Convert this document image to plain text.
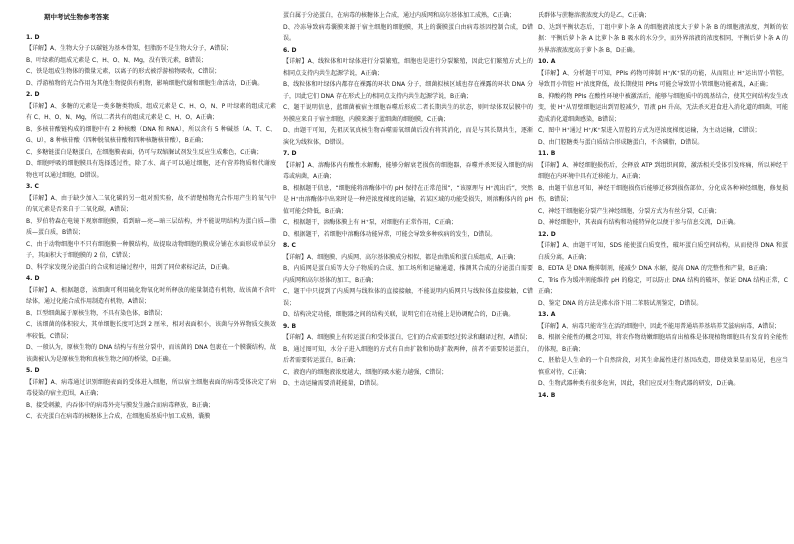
期中考试生物参考答案

1. D

【详解】A、生物大分子以碳链为基本骨架，但脂肪不是生物大分子，A错误；

B、叶绿素的组成元素是 C、H、O、N、Mg，没有铁元素，B错误；

C、铁是组成生物体的微量元素，以离子的形式被浮游植物吸收，C错误；

D、浮游植物的光合作用为其他生物提供有机物，影响细胞代谢和细胞生命活动，D正确。

2. D

【详解】A、多糖的元素是一类多糖类物质，组成元素是 C、H、O，N、P 叶绿素的组成元素有 C、H、O、N、Mg，所以二者共有的组成元素是 C、H、O，A正确；

B、多核苷酸链构成的细胞中有 2 种核酸（DNA 和 RNA），所以含有 5 种碱基（A、T、C、G、U），8 种核苷酸（四种脱氧核苷酸和四种核糖核苷酸），B正确；

C、多糖链蛋白是糖蛋白，在细胞膜表面，仍可与双缩脲试剂发生反应生成紫色，C正确；

D、细胞呼吸的细胞膜具有选择透过性，除了水、离子可以通过细胞，还有营养物质和代谢废物也可以通过细胞，D错误。

3. C

【详解】A、由于缺少加入二氧化碳的另一组对照实验，故不清楚植物光合作用产生的氧气中的氧元素是否来自于二氧化碳，A错误；

B、罗伯特森在电镜下观察细胞膜，看到暗—亮—暗三层结构，并不能说明结构为蛋白质—脂质—蛋白质，B错误；

C、由于动物细胞中不只有细胞膜一种膜结构，故提取动物细胞的膜成分铺在水面形成单层分子，其面积大于细胞膜的 2 倍，C错误；

D、科学家发现分泌蛋白的合成和运输过程中，用到了同位素标记法，D正确。

4. D

【详解】A、根据题意，该细菌可利用硫化物氧化时所释放的能量制造有机物，故该菌不含叶绿体，通过化能合成作用制造有机物，A错误；

B、巨型细菌属于原核生物，不具有染色体，B错误；

C、该细菌的体积较大，其单细胞长度可达到 2 厘米，相对表面积小，该菌与外界物质交换效率较低，C错误；

D、一般认为，原核生物的 DNA 结构与有丝分裂中，而该菌的 DNA 包裹在一个膜囊结构，故该菌被认为是原核生物和真核生物之间的桥梁，D正确。

5. D

【详解】A、病毒通过识别细胞表面的受体进入细胞，所以宿主细胞表面的病毒受体决定了病毒侵染的宿主范围，A正确；

B、接受刺激，内吞体中的病毒外壳与膜发生融合而病毒释放，B正确；

C、衣壳蛋白在病毒的核糖体上合成，在细胞质基质中加工成熟，囊膜

蛋白属于分泌蛋白，在病毒的核糖体上合成，通过内质网和高尔基体加工成熟，C正确；

D、冷冻导致病毒囊膜来源于宿主细胞的细胞膜，其上的囊膜蛋白由病毒基因控制合成，D错误。

6. D

【详解】A、线粒体和叶绿体进行分裂繁殖，细胞也是进行分裂繁殖，因此它们繁殖方式上的相同点支持内共生起源学说，A正确；

B、线粒体和叶绿体内都存在裸露的环状 DNA 分子，细菌拟核区域也存在裸露的环状 DNA 分子，因此它们 DNA 存在形式上的相同点支持内共生起源学说，B正确；

C、题干说明信息，蓝细菌被宿主细胞吞噬后形成二者长期共生的状态，则叶绿体双层膜中的外膜应来自于宿主细胞，内膜来源于蓝细菌的细胞膜，C正确；

D、由题干可知，先祖厌氧真核生物吞噬需氧细菌后没有将其消化，而是与其长期共生，逐渐演化为线粒体，D错误。

7. D

【详解】A、溶酶体内有酸性水解酶，能够分解衰老损伤的细胞器，吞噬并杀死侵入细胞的病毒或病菌，A正确；

B、根据题干信息，“细胞能将溶酶体中的 pH 保持在正常范围”，“该原理与 H⁺流出后”，突然是 H⁺由溶酶体中出来时是一种逆浓度梯度的运输，若某区域的功能受损失，则溶酶体内的 pH 值可能会降低，B正确；

C、根据题干，溶酶体膜上有 H⁺泵，对细胞有正常作用，C正确；

D、根据题干，若细胞中溶酶体功能异常，可能会导致多种疾病的发生，D错误。

8. C

【详解】A、细胞膜、内质网、高尔基体膜成分相似，都是由脂质和蛋白质组成，A正确；

B、内质网是蛋白质等大分子物质的合成、加工场所和运输通道，推测其合成的分泌蛋白需要内质网和高尔基体的加工，B正确；

C、题干中只提到了内质网与线粒体的直接接触，不能说明内质网只与线粒体直接接触，C错误；

D、结构决定功能，细胞器之间的结构关联，说明它们在功能上是协调配合的，D正确。

9. B

【详解】A、细胞膜上有转运蛋白和受体蛋白，它们的合成需要经过转录和翻译过程，A错误；

B、通过图可知，水分子进入细胞的方式有自由扩散和协助扩散两种，前者不需要转运蛋白，后者需要转运蛋白，B正确；

C、液泡内的细胞液浓度越大，细胞的吸水能力越强，C错误；

D、主动运输需要消耗能量，D错误。

氏群体与蔗糖溶液浓度大的是乙，C正确；

D、达到平衡状态后，丁组中萝卜条 A 的细胞液浓度大于萝卜条 B 的细胞液浓度，判断的依据：平衡后萝卜条 A 比萝卜条 B 吸水的水分少，而外界溶液的浓度相同，平衡后萝卜条 A 的外界溶液浓度高于萝卜条 B，D正确。

10. A

【详解】A、分析题干可知，PPIs 药物可抑制 H⁺/K⁺泵的功能，从而阻止 H⁺运出胃小管腔，导致胃小管腔 H⁺浓度降低，故长期使用 PPIs 可能会导致胃小管细胞功能紊乱，A正确；

B、抑酸药物 PPIs 在酸性环境中被激活后，能够与细胞质中的巯基结合，使其空间结构发生改变，使 H⁺从胃壁细胞运出到胃腔减少，胃液 pH 升高，无法杀灭进食进入消化道的细菌，可能造成消化道细菌感染，B错误；

C、图中 H⁺通过 H⁺/K⁺泵进入胃腔的方式为逆浓度梯度运输，为主动运输，C错误；

D、由门腔糖类与蛋白质结合形成糖蛋白，不含磷脂，D错误。

11. B

【详解】A、神经细胞损伤后，会释放 ATP 到组织间隙，激活相关受体引发疼痛，所以神经干细胞在内环境中具有迁移能力，A正确；

B、由题干信息可知，神经干细胞损伤后能够迁移到损伤部位，分化成各种神经细胞，修复损伤，B错误；

C、神经干细胞能分裂产生神经细胞，分裂方式为有丝分裂，C正确；

D、神经细胞中，其表面有结构和功能特异化以便于参与信息交流，D正确。

12. D

【详解】A、由题干可知，SDS 能使蛋白质变性，破坏蛋白质空间结构，从而使得 DNA 和蛋白质分离，A正确；

B、EDTA 是 DNA 酶抑制剂，能减少 DNA 水解，提高 DNA 的完整性和产量，B正确；

C、Tris 作为缓冲剂能维持 pH 的稳定，可以防止 DNA 结构的破坏，保证 DNA 结构正常，C正确；

D、鉴定 DNA 的方法是沸水浴下用二苯胺试剂鉴定，D错误。

13. A

【详解】A、病毒只能寄生在活的细胞中，因此不能用普通培养基培养艾滋病病毒，A错误；

B、根据全能性的概念可知，将农作物幼嫩细胞培育出植株是体现植物细胞具有发育的全能性的体现，B正确；

C、胚胎是人生命的一个自然阶段，对其生命属性进行基因改造，即使效果显而易见，也应当慎重对待，C正确；

D、生物武器种类有很多危害，因此，我们应反对生物武器的研发，D正确。

14. B
